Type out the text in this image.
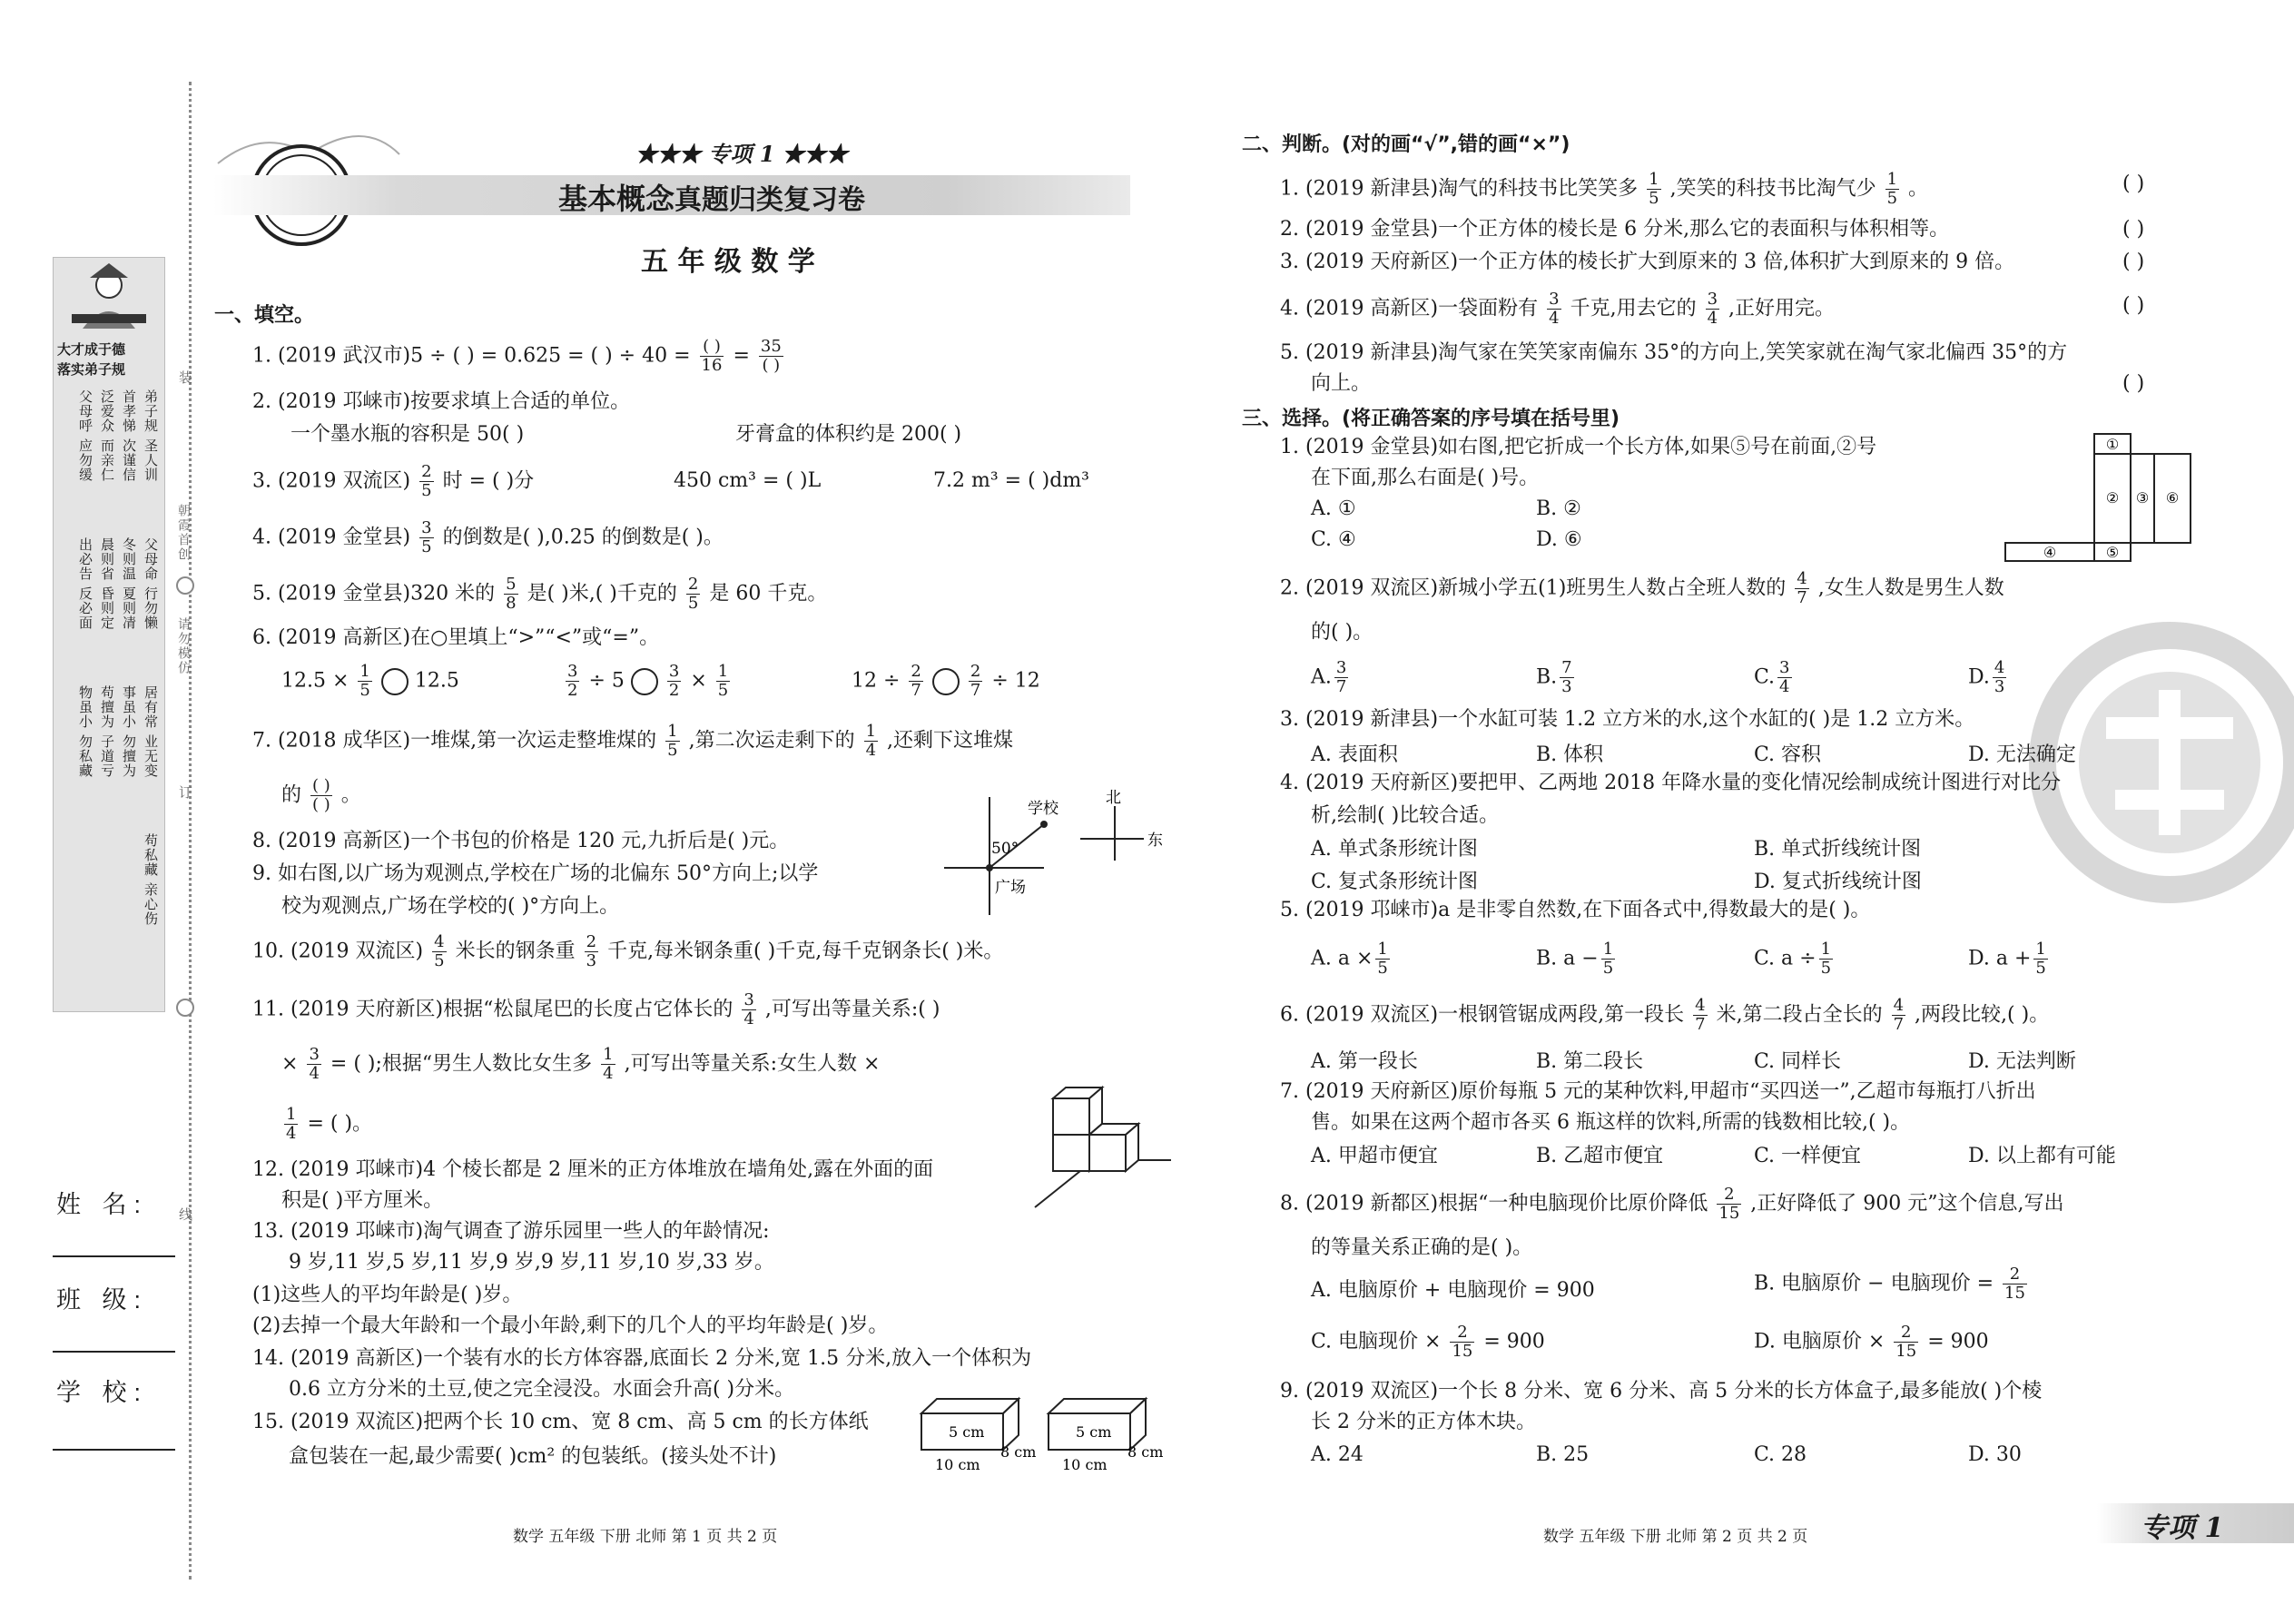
装
订
朝霞首创
请勿模仿
线
大才成于德
落实弟子规
弟子规 圣人训
首孝悌 次谨信
泛爱众 而亲仁
父母呼 应勿缓
父母命 行勿懒
冬则温 夏则凊
晨则省 昏则定
出必告 反必面
居有常 业无变
事虽小 勿擅为
苟擅为 子道亏
物虽小 勿私藏
苟私藏 亲心伤
姓 名:
班 级:
学 校:
★★★ 专项 1 ★★★
基本概念真题归类复习卷
五 年 级 数 学
一、填空。
1. (2019 武汉市)5 ÷ ( ) = 0.625 = ( ) ÷ $40 = \frac{( )}{16} = \frac{35}{( )}$
2. (2019 邛崃市)按要求填上合适的单位。
一个墨水瓶的容积是 50( )	牙膏盒的体积约是 200( )
3. (2019 双流区) $\frac{2}{5}$ 时 = ( )分	450 cm³ = ( )L	7.2 m³ = ( )dm³
4. (2019 金堂县) $\frac{3}{5}$ 的倒数是( ),0.25 的倒数是( )。
5. (2019 金堂县)320 米的 $\frac{5}{8}$ 是( )米,( )千克的 $\frac{2}{5}$ 是 60 千克。
6. (2019 高新区)在○里填上“>”“<”或“=”。
$12.5 \times \frac{1}{5} 12.5$	$\frac{3}{2} \div 5$	$\frac{3}{2} \times \frac{1}{5}$	$12 \div \frac{2}{7}$
	$\frac{2}{7} \div 12$
7. (2018 成华区)一堆煤,第一次运走整堆煤的 $\frac{1}{5}$ ,第二次运走剩下的 $\frac{1}{4}$ ,还剩下这堆煤
的 $\frac{( )}{( )}$ 。
8. (2019 高新区)一个书包的价格是 120 元,九折后是( )元。
9. 如右图,以广场为观测点,学校在广场的北偏东 50°方向上;以学
校为观测点,广场在学校的( )°方向上。
学校
广场
50°
北
东
10. (2019 双流区) $\frac{4}{5}$ 米长的钢条重 $\frac{2}{3}$ 千克,每米钢条重( )千克,每千克钢条长( )米。
11. (2019 天府新区)根据“松鼠尾巴的长度占它体长的 $\frac{3}{4}$ ,可写出等量关系:( )
× $\frac{3}{4}$ = ( );根据“男生人数比女生多 $\frac{1}{4}$ ,可写出等量关系:女生人数 ×
$\frac{1}{4}$ = ( )。
12. (2019 邛崃市)4 个棱长都是 2 厘米的正方体堆放在墙角处,露在外面的面
积是( )平方厘米。
13. (2019 邛崃市)淘气调查了游乐园里一些人的年龄情况:
9 岁,11 岁,5 岁,11 岁,9 岁,9 岁,11 岁,10 岁,33 岁。
(1)这些人的平均年龄是( )岁。
(2)去掉一个最大年龄和一个最小年龄,剩下的几个人的平均年龄是( )岁。
14. (2019 高新区)一个装有水的长方体容器,底面长 2 分米,宽 1.5 分米,放入一个体积为
0.6 立方分米的土豆,使之完全浸没。水面会升高( )分米。
15. (2019 双流区)把两个长 10 cm、宽 8 cm、高 5 cm 的长方体纸
盒包装在一起,最少需要( )cm² 的包装纸。(接头处不计)
5 cm	5 cm
8 cm	8 cm
10 cm	10 cm
数学 五年级 下册 北师 第 1 页 共 2 页
二、判断。(对的画“√”,错的画“×”)
1. (2019 新津县)淘气的科技书比笑笑多 $\frac{1}{5}$ ,笑笑的科技书比淘气少 $\frac{1}{5}$ 。	( )
2. (2019 金堂县)一个正方体的棱长是 6 分米,那么它的表面积与体积相等。	( )
3. (2019 天府新区)一个正方体的棱长扩大到原来的 3 倍,体积扩大到原来的 9 倍。	( )
4. (2019 高新区)一袋面粉有 $\frac{3}{4}$ 千克,用去它的 $\frac{3}{4}$ ,正好用完。	( )
5. (2019 新津县)淘气家在笑笑家南偏东 35°的方向上,笑笑家就在淘气家北偏西 35°的方
向上。	( )
三、选择。(将正确答案的序号填在括号里)
1. (2019 金堂县)如右图,把它折成一个长方体,如果⑤号在前面,②号
在下面,那么右面是( )号。
A. ①	B. ②
C. ④	D. ⑥
①
② ③ ⑥
④	⑤
2. (2019 双流区)新城小学五(1)班男生人数占全班人数的 $\frac{4}{7}$ ,女生人数是男生人数
的( )。
A. $\frac{3}{7}$	B. $\frac{7}{3}$	C. $\frac{3}{4}$	D. $\frac{4}{3}$
3. (2019 新津县)一个水缸可装 1.2 立方米的水,这个水缸的( )是 1.2 立方米。
A. 表面积	B. 体积	C. 容积	D. 无法确定
4. (2019 天府新区)要把甲、乙两地 2018 年降水量的变化情况绘制成统计图进行对比分
析,绘制( )比较合适。
A. 单式条形统计图	B. 单式折线统计图
C. 复式条形统计图	D. 复式折线统计图
5. (2019 邛崃市)a 是非零自然数,在下面各式中,得数最大的是( )。
A. $a \times \frac{1}{5}$	B. $a - \frac{1}{5}$	C. $a \div \frac{1}{5}$	D. $a + \frac{1}{5}$
6. (2019 双流区)一根钢管锯成两段,第一段长 $\frac{4}{7}$ 米,第二段占全长的 $\frac{4}{7}$ ,两段比较,( )。
A. 第一段长	B. 第二段长	C. 同样长	D. 无法判断
7. (2019 天府新区)原价每瓶 5 元的某种饮料,甲超市“买四送一”,乙超市每瓶打八折出
售。如果在这两个超市各买 6 瓶这样的饮料,所需的钱数相比较,( )。
A. 甲超市便宜	B. 乙超市便宜	C. 一样便宜	D. 以上都有可能
8. (2019 新都区)根据“一种电脑现价比原价降低 $\frac{2}{15}$ ,正好降低了 900 元”这个信息,写出
的等量关系正确的是( )。
A. 电脑原价 + 电脑现价 = 900	B. 电脑原价 − 电脑现价 = $\frac{2}{15}$
C. 电脑现价 × $\frac{2}{15} = 900$	D. 电脑原价 × $\frac{2}{15} = 900$
9. (2019 双流区)一个长 8 分米、宽 6 分米、高 5 分米的长方体盒子,最多能放( )个棱
长 2 分米的正方体木块。
A. 24	B. 25	C. 28	D. 30
数学 五年级 下册 北师 第 2 页 共 2 页	专项 1
